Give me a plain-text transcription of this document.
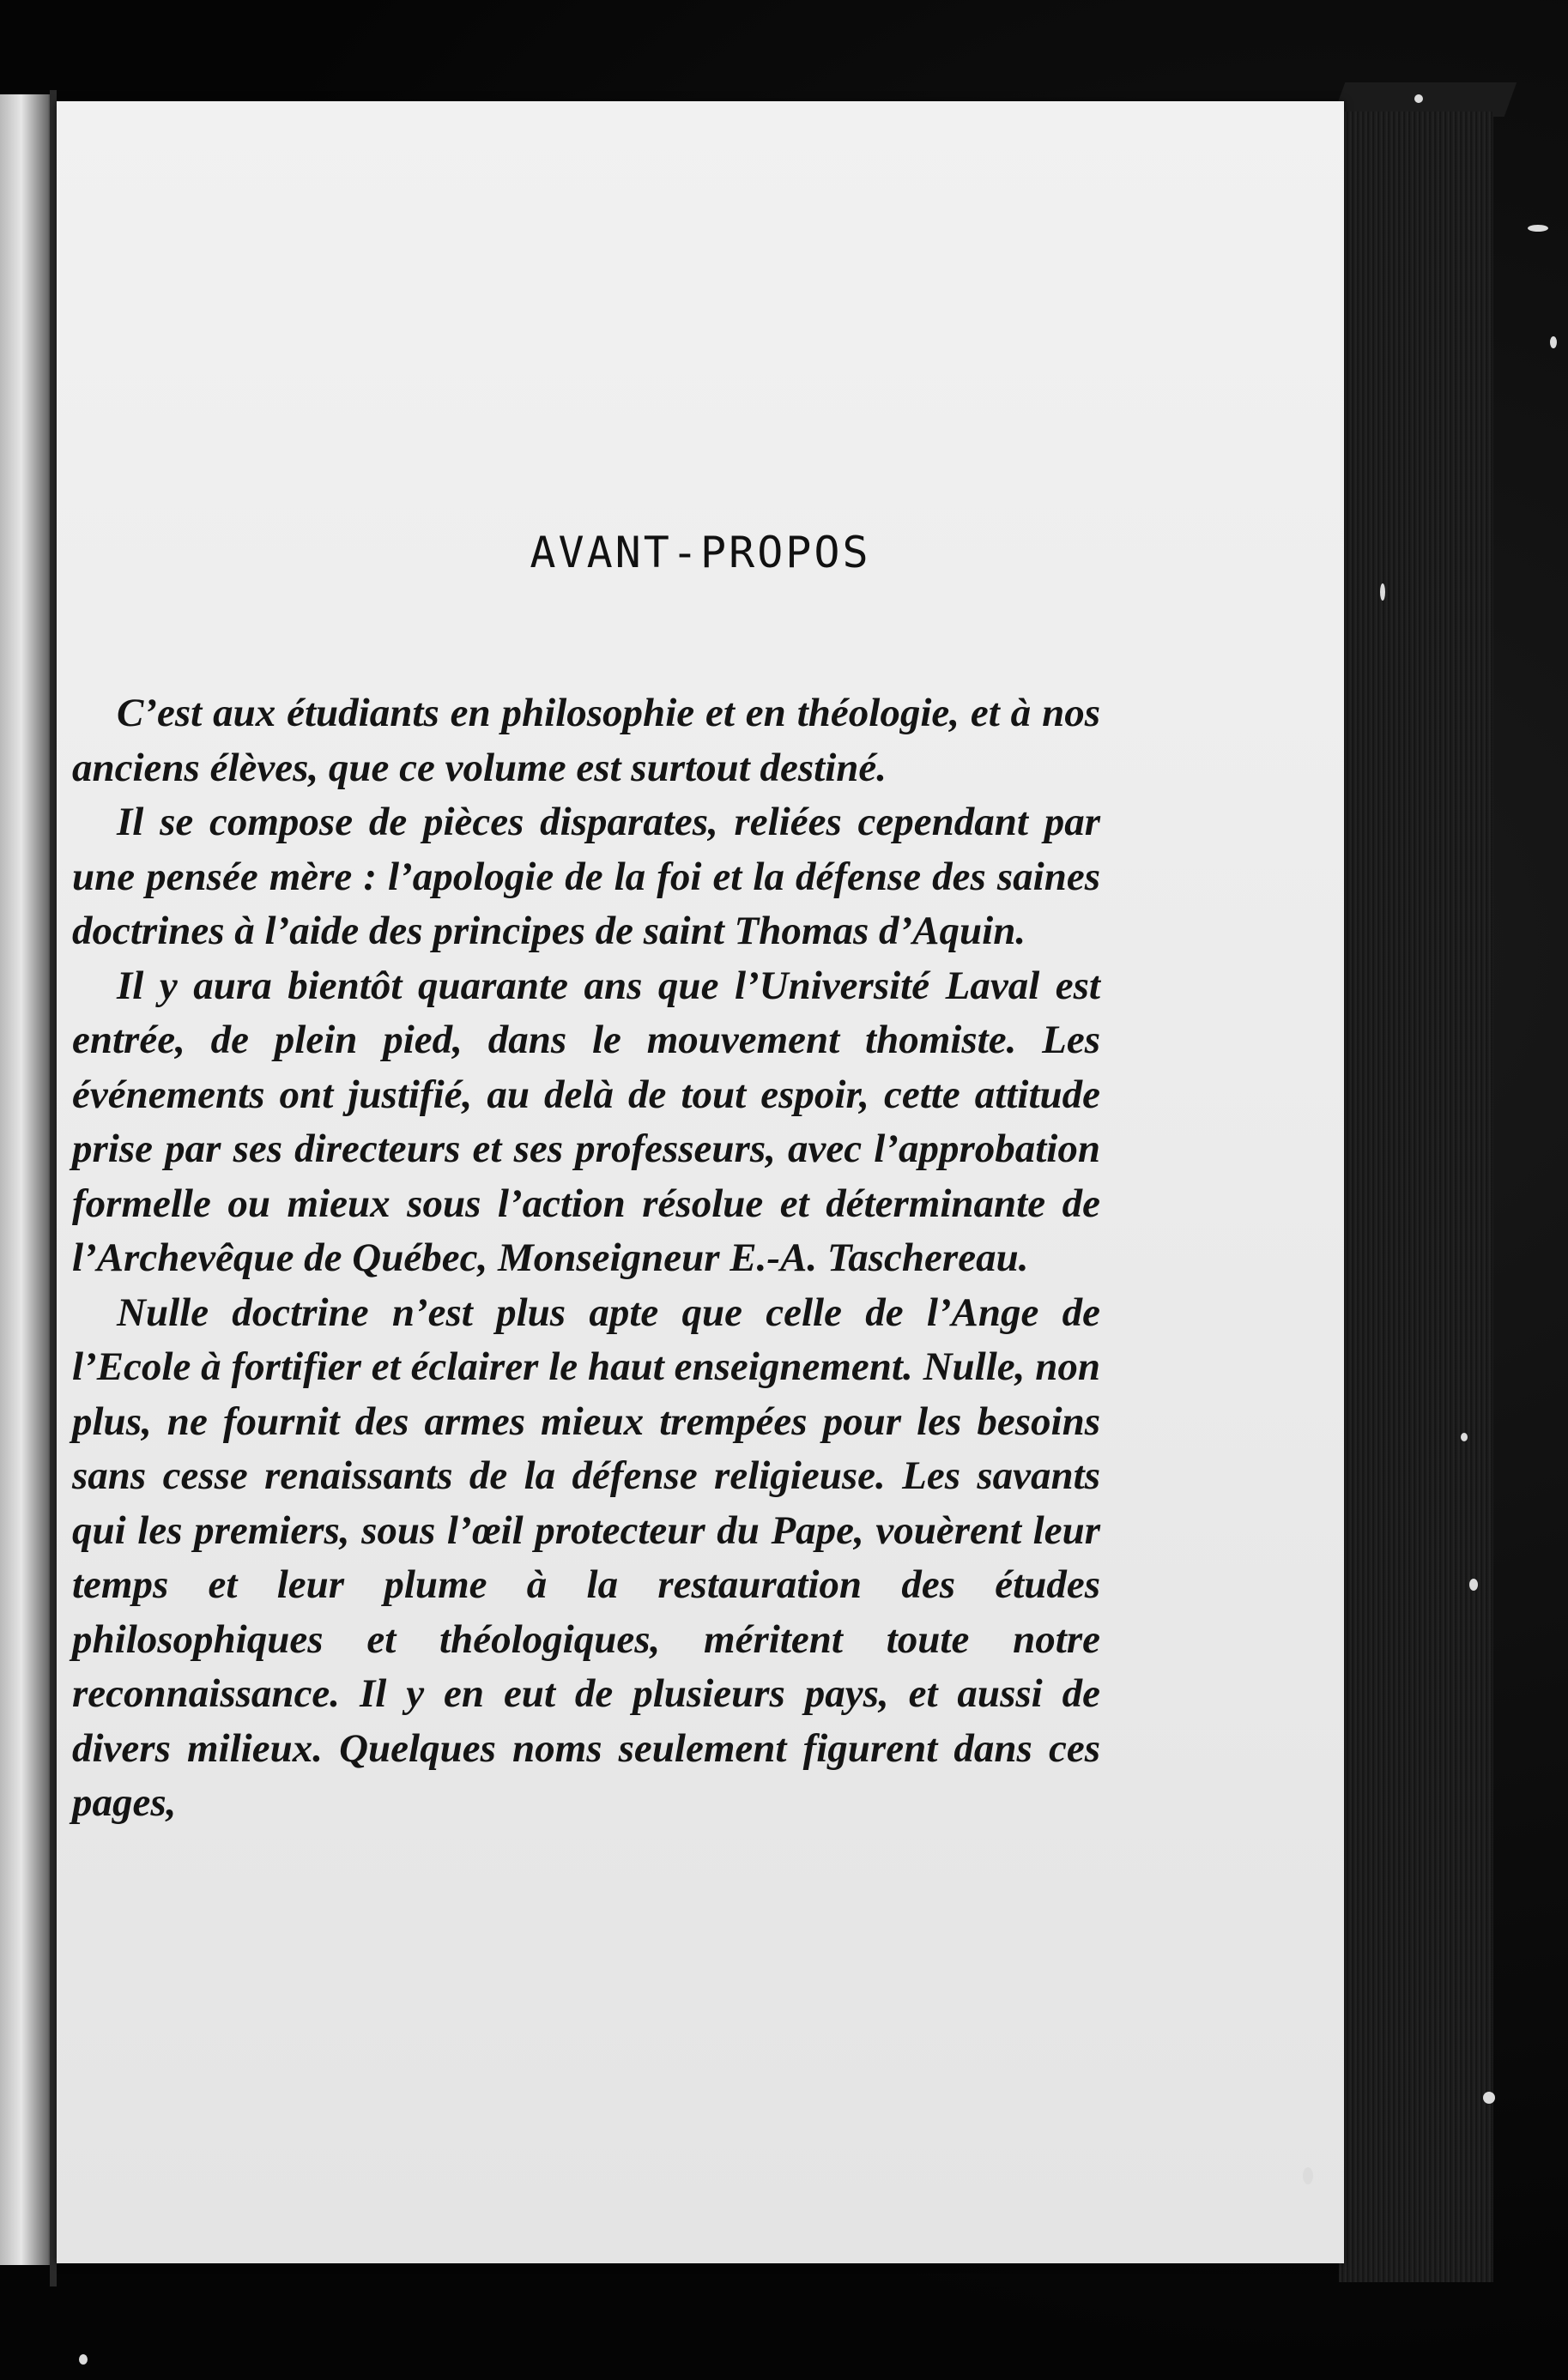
AVANT-PROPOS

C’est aux étudiants en philosophie et en théologie, et à nos anciens élèves, que ce volume est surtout destiné.

Il se compose de pièces disparates, reliées cependant par une pensée mère : l’apologie de la foi et la défense des saines doctrines à l’aide des principes de saint Thomas d’Aquin.

Il y aura bientôt quarante ans que l’Université Laval est entrée, de plein pied, dans le mouvement thomiste. Les événements ont justifié, au delà de tout espoir, cette attitude prise par ses directeurs et ses professeurs, avec l’approbation formelle ou mieux sous l’action résolue et déterminante de l’Archevêque de Québec, Monseigneur E.-A. Taschereau.

Nulle doctrine n’est plus apte que celle de l’Ange de l’Ecole à fortifier et éclairer le haut enseignement. Nulle, non plus, ne fournit des armes mieux trempées pour les besoins sans cesse renaissants de la défense religieuse. Les savants qui les premiers, sous l’œil protecteur du Pape, vouèrent leur temps et leur plume à la restauration des études philosophiques et théologiques, méritent toute notre reconnaissance. Il y en eut de plusieurs pays, et aussi de divers milieux. Quelques noms seulement figurent dans ces pages,
